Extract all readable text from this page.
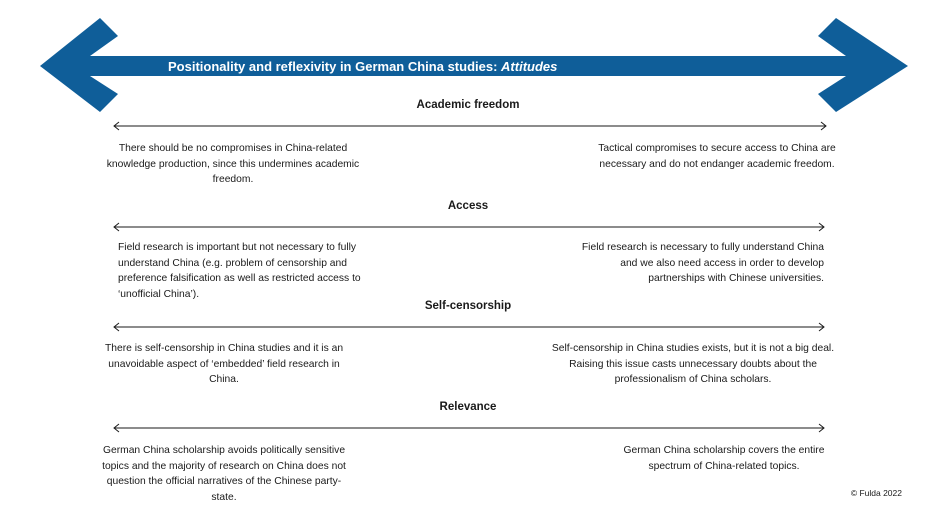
Positionality and reflexivity in German China studies: Attitudes
Academic freedom
There should be no compromises in China-related knowledge production, since this undermines academic freedom.
Tactical compromises to secure access to China are necessary and do not endanger academic freedom.
Access
Field research is important but not necessary to fully understand China (e.g. problem of censorship and preference falsification as well as restricted access to ‘unofficial China’).
Field research is necessary to fully understand China and we also need access in order to develop partnerships with Chinese universities.
Self-censorship
There is self-censorship in China studies and it is an unavoidable aspect of ‘embedded’ field research in China.
Self-censorship in China studies exists, but it is not a big deal. Raising this issue casts unnecessary doubts about the professionalism of China scholars.
Relevance
German China scholarship avoids politically sensitive topics and the majority of research on China does not question the official narratives of the Chinese party-state.
German China scholarship covers the entire spectrum of China-related topics.
© Fulda 2022
